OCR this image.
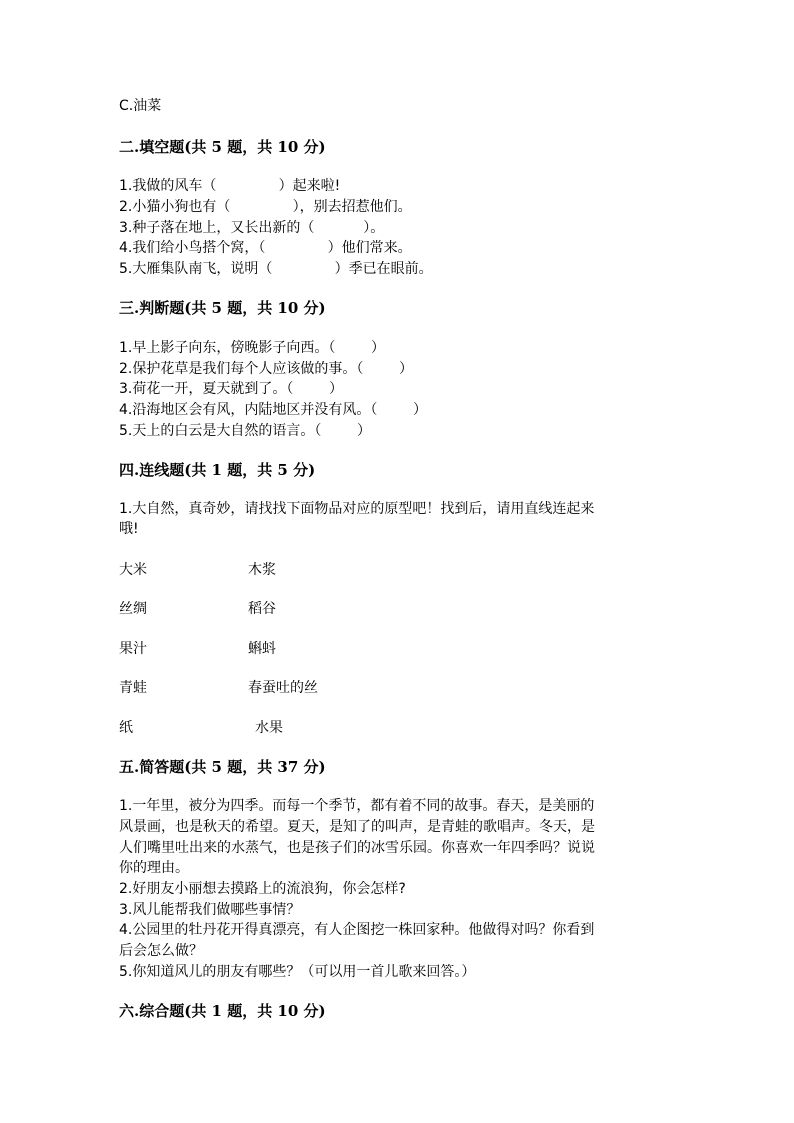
C.油菜
二.填空题(共 5 题，共 10 分)
1.我做的风车（              ）起来啦!
2.小猫小狗也有（              ），别去招惹他们。
3.种子落在地上，又长出新的（           ）。
4.我们给小鸟搭个窝，（              ）他们常来。
5.大雁集队南飞，说明（              ）季已在眼前。
三.判断题(共 5 题，共 10 分)
1.早上影子向东，傍晚影子向西。（        ）
2.保护花草是我们每个人应该做的事。（        ）
3.荷花一开，夏天就到了。（        ）
4.沿海地区会有风，内陆地区并没有风。（        ）
5.天上的白云是大自然的语言。（        ）
四.连线题(共 1 题，共 5 分)
1.大自然，真奇妙，请找找下面物品对应的原型吧！找到后，请用直线连起来
哦!
大米	木浆
丝绸	稻谷
果汁	蝌蚪
青蛙	春蚕吐的丝
纸	水果
五.简答题(共 5 题，共 37 分)
1.一年里，被分为四季。而每一个季节，都有着不同的故事。春天，是美丽的
风景画，也是秋天的希望。夏天，是知了的叫声，是青蛙的歌唱声。冬天，是
人们嘴里吐出来的水蒸气，也是孩子们的冰雪乐园。你喜欢一年四季吗？说说
你的理由。
2.好朋友小丽想去摸路上的流浪狗，你会怎样?
3.风儿能帮我们做哪些事情？
4.公园里的牡丹花开得真漂亮，有人企图挖一株回家种。他做得对吗？你看到
后会怎么做？
5.你知道风儿的朋友有哪些？（可以用一首儿歌来回答。）
六.综合题(共 1 题，共 10 分)
